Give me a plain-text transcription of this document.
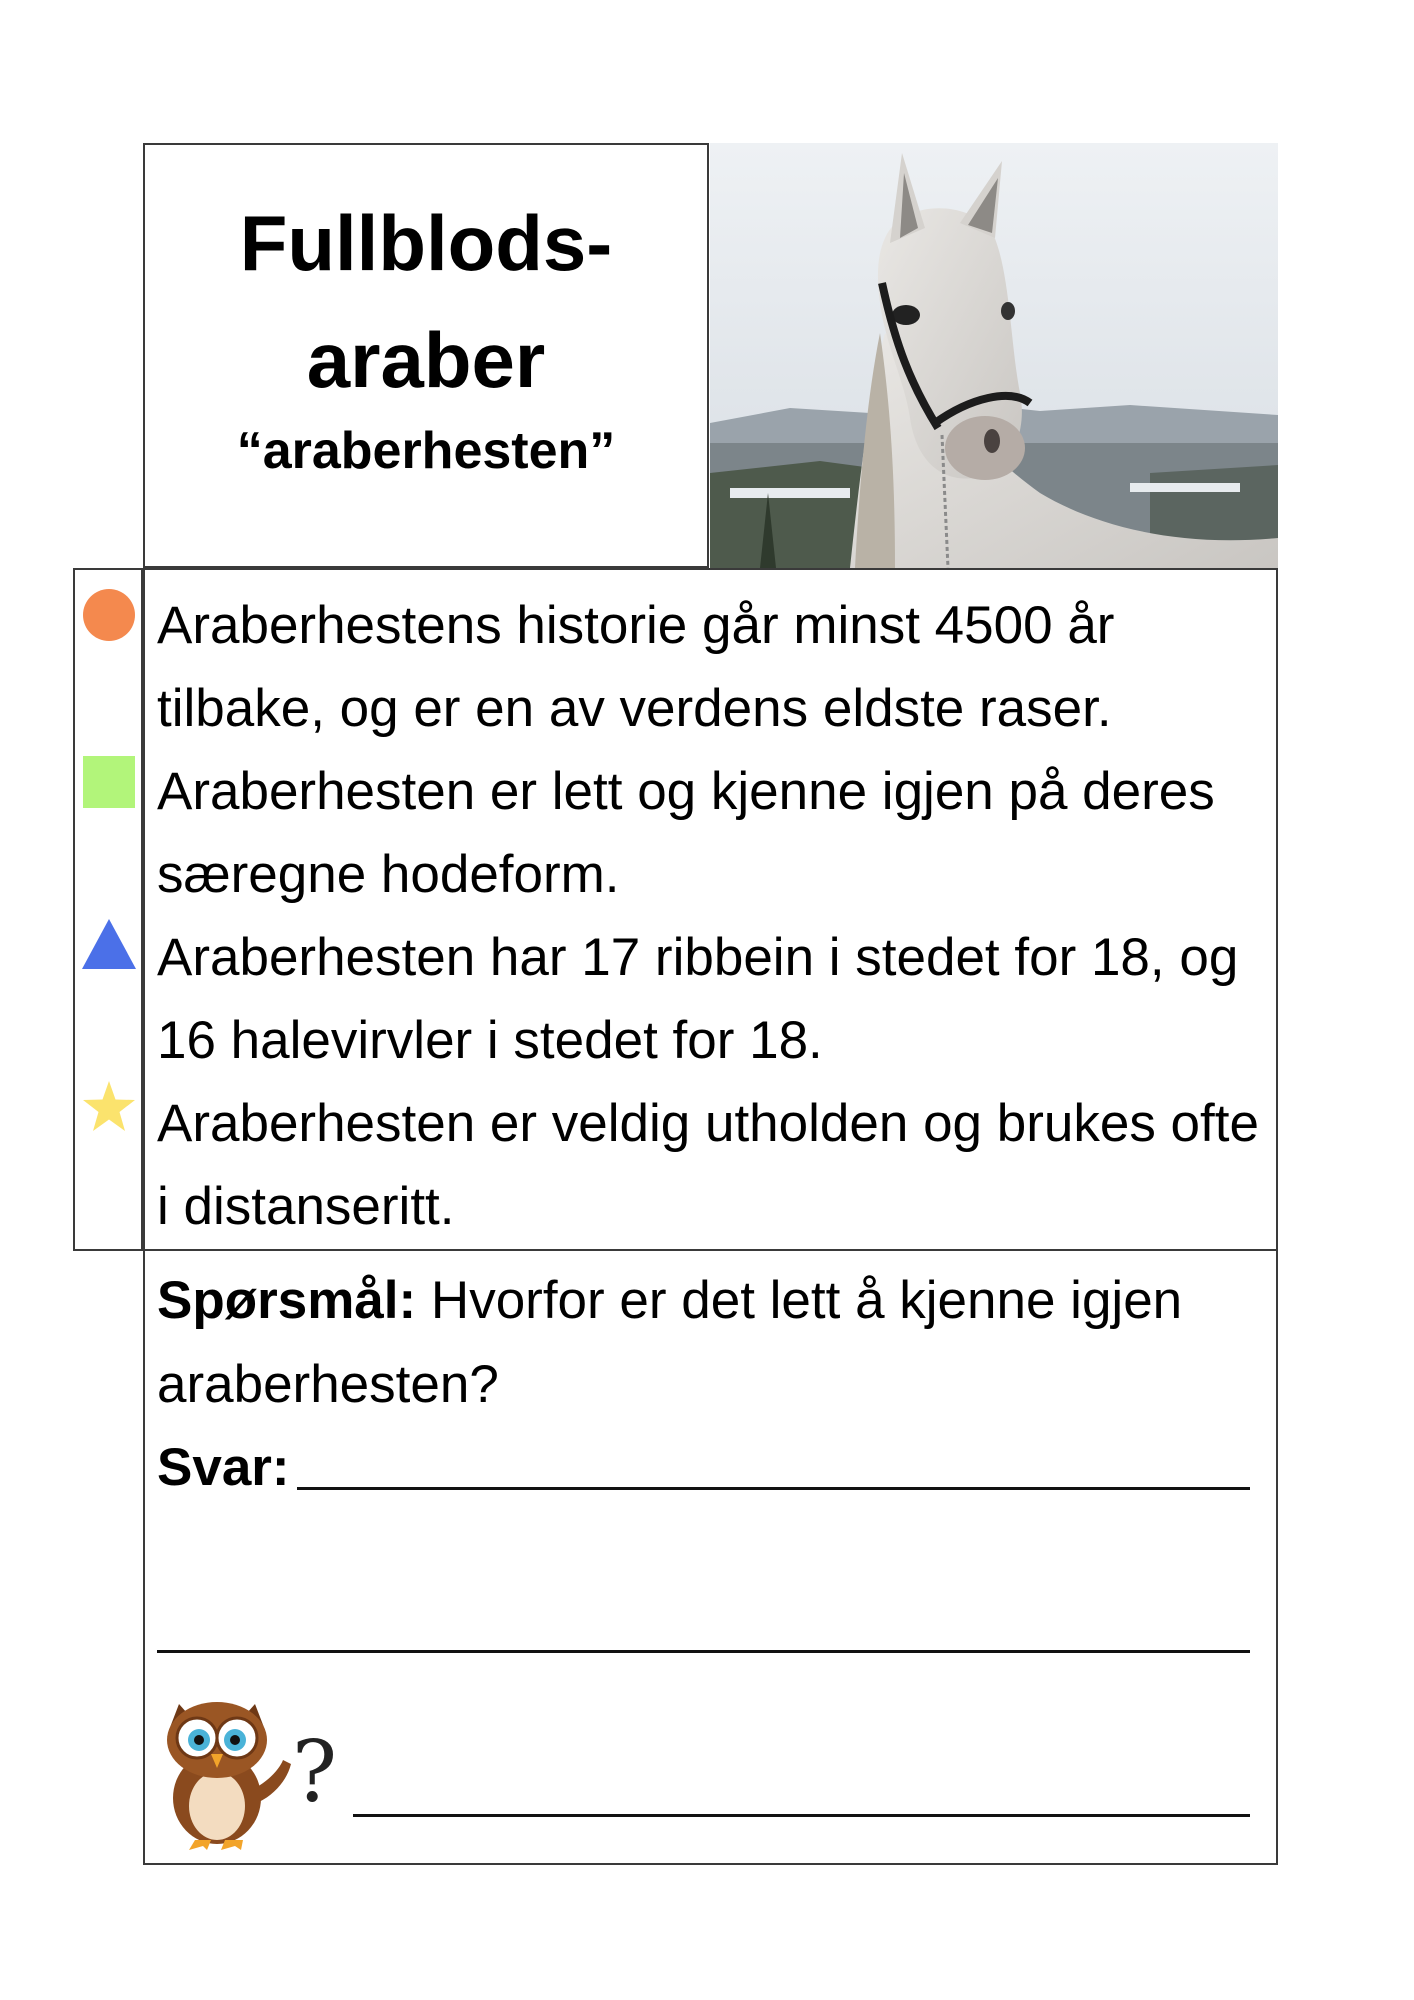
Fullblods-
araber
“araberhesten”

Araberhestens historie går minst 4500 år tilbake, og er en av verdens eldste raser.

Araberhesten er lett og kjenne igjen på deres særegne hodeform.

Araberhesten har 17 ribbein i stedet for 18, og 16 halevirvler i stedet for 18.

Araberhesten er veldig utholden og brukes ofte i distanseritt.

Spørsmål: Hvorfor er det lett å kjenne igjen araberhesten?

Svar:
?
